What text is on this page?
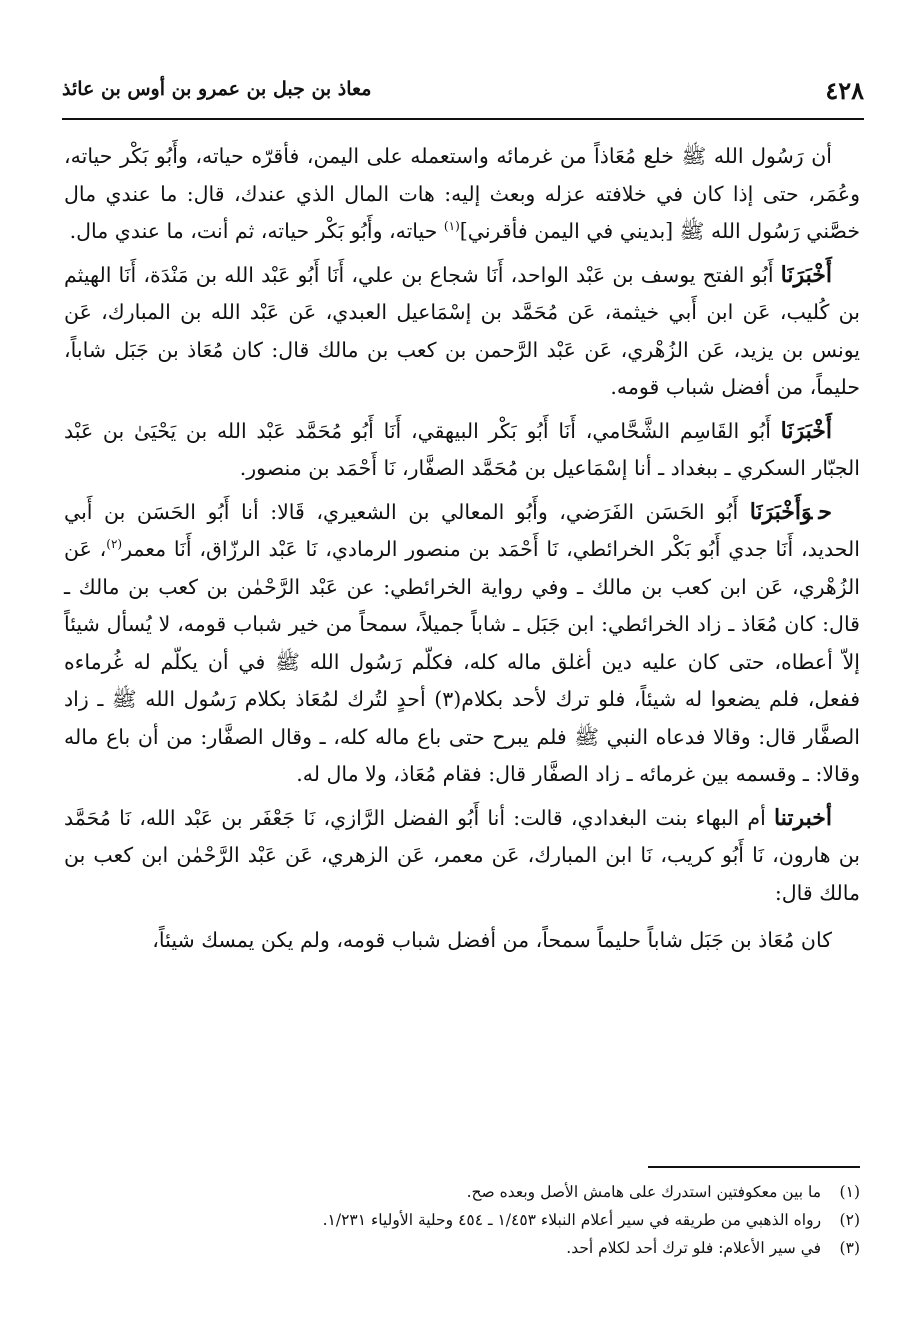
٤٢٨
معاذ بن جبل بن عمرو بن أوس بن عائذ

أن رَسُول الله ﷺ خلع مُعَاذاً من غرمائه واستعمله على اليمن، فأقرّه حياته، وأَبُو بَكْر حياته، وعُمَر، حتى إذا كان في خلافته عزله وبعث إليه: هات المال الذي عندك، قال: ما عندي مال خصَّني رَسُول الله ﷺ [بديني في اليمن فأقرني]$^{(١)}$ حياته، وأَبُو بَكْر حياته، ثم أنت، ما عندي مال.

أَخْبَرَنَا أَبُو الفتح يوسف بن عَبْد الواحد، أَنَا شجاع بن علي، أَنَا أَبُو عَبْد الله بن مَنْدَة، أَنَا الهيثم بن كُليب، عَن ابن أَبي خيثمة، عَن مُحَمَّد بن إسْمَاعيل العبدي، عَن عَبْد الله بن المبارك، عَن يونس بن يزيد، عَن الزُهْري، عَن عَبْد الرَّحمن بن كعب بن مالك قال: كان مُعَاذ بن جَبَل شاباً، حليماً، من أفضل شباب قومه.

أَخْبَرَنَا أَبُو القَاسِم الشَّحَّامي، أَنَا أَبُو بَكْر البيهقي، أَنَا أَبُو مُحَمَّد عَبْد الله بن يَحْيَىٰ بن عَبْد الجبّار السكري ـ ببغداد ـ أنا إسْمَاعيل بن مُحَمَّد الصفَّار، نَا أَحْمَد بن منصور.

حوَأَخْبَرَنَا أَبُو الحَسَن الفَرَضي، وأَبُو المعالي بن الشعيري، قَالا: أنا أَبُو الحَسَن بن أَبي الحديد، أَنَا جدي أَبُو بَكْر الخرائطي، نَا أَحْمَد بن منصور الرمادي، نَا عَبْد الرزّاق، أَنَا معمر$^{(٢)}$، عَن الزُهْري، عَن ابن كعب بن مالك ـ وفي رواية الخرائطي: عن عَبْد الرَّحْمٰن بن كعب بن مالك ـ قال: كان مُعَاذ ـ زاد الخرائطي: ابن جَبَل ـ شاباً جميلاً، سمحاً من خير شباب قومه، لا يُسأل شيئاً إلاّ أعطاه، حتى كان عليه دين أغلق ماله كله، فكلّم رَسُول الله ﷺ في أن يكلّم له غُرماءه ففعل، فلم يضعوا له شيئاً، فلو ترك لأحد بكلام(٣) أحدٍ لتُرك لمُعَاذ بكلام رَسُول الله ﷺ ـ زاد الصفَّار قال: وقالا فدعاه النبي ﷺ فلم يبرح حتى باع ماله كله، ـ وقال الصفَّار: من أن باع ماله وقالا: ـ وقسمه بين غرمائه ـ زاد الصفَّار قال: فقام مُعَاذ، ولا مال له.

أخبرتنا أم البهاء بنت البغدادي، قالت: أنا أَبُو الفضل الرَّازي، نَا جَعْفَر بن عَبْد الله، نَا مُحَمَّد بن هارون، نَا أَبُو كريب، نَا ابن المبارك، عَن معمر، عَن الزهري، عَن عَبْد الرَّحْمٰن ابن كعب بن مالك قال:

كان مُعَاذ بن جَبَل شاباً حليماً سمحاً، من أفضل شباب قومه، ولم يكن يمسك شيئاً،

(١) ما بين معكوفتين استدرك على هامش الأصل وبعده صح.

(٢) رواه الذهبي من طريقه في سير أعلام النبلاء ١/٤٥٣ ـ ٤٥٤ وحلية الأولياء ١/٢٣١.

(٣) في سير الأعلام: فلو ترك أحد لكلام أحد.
